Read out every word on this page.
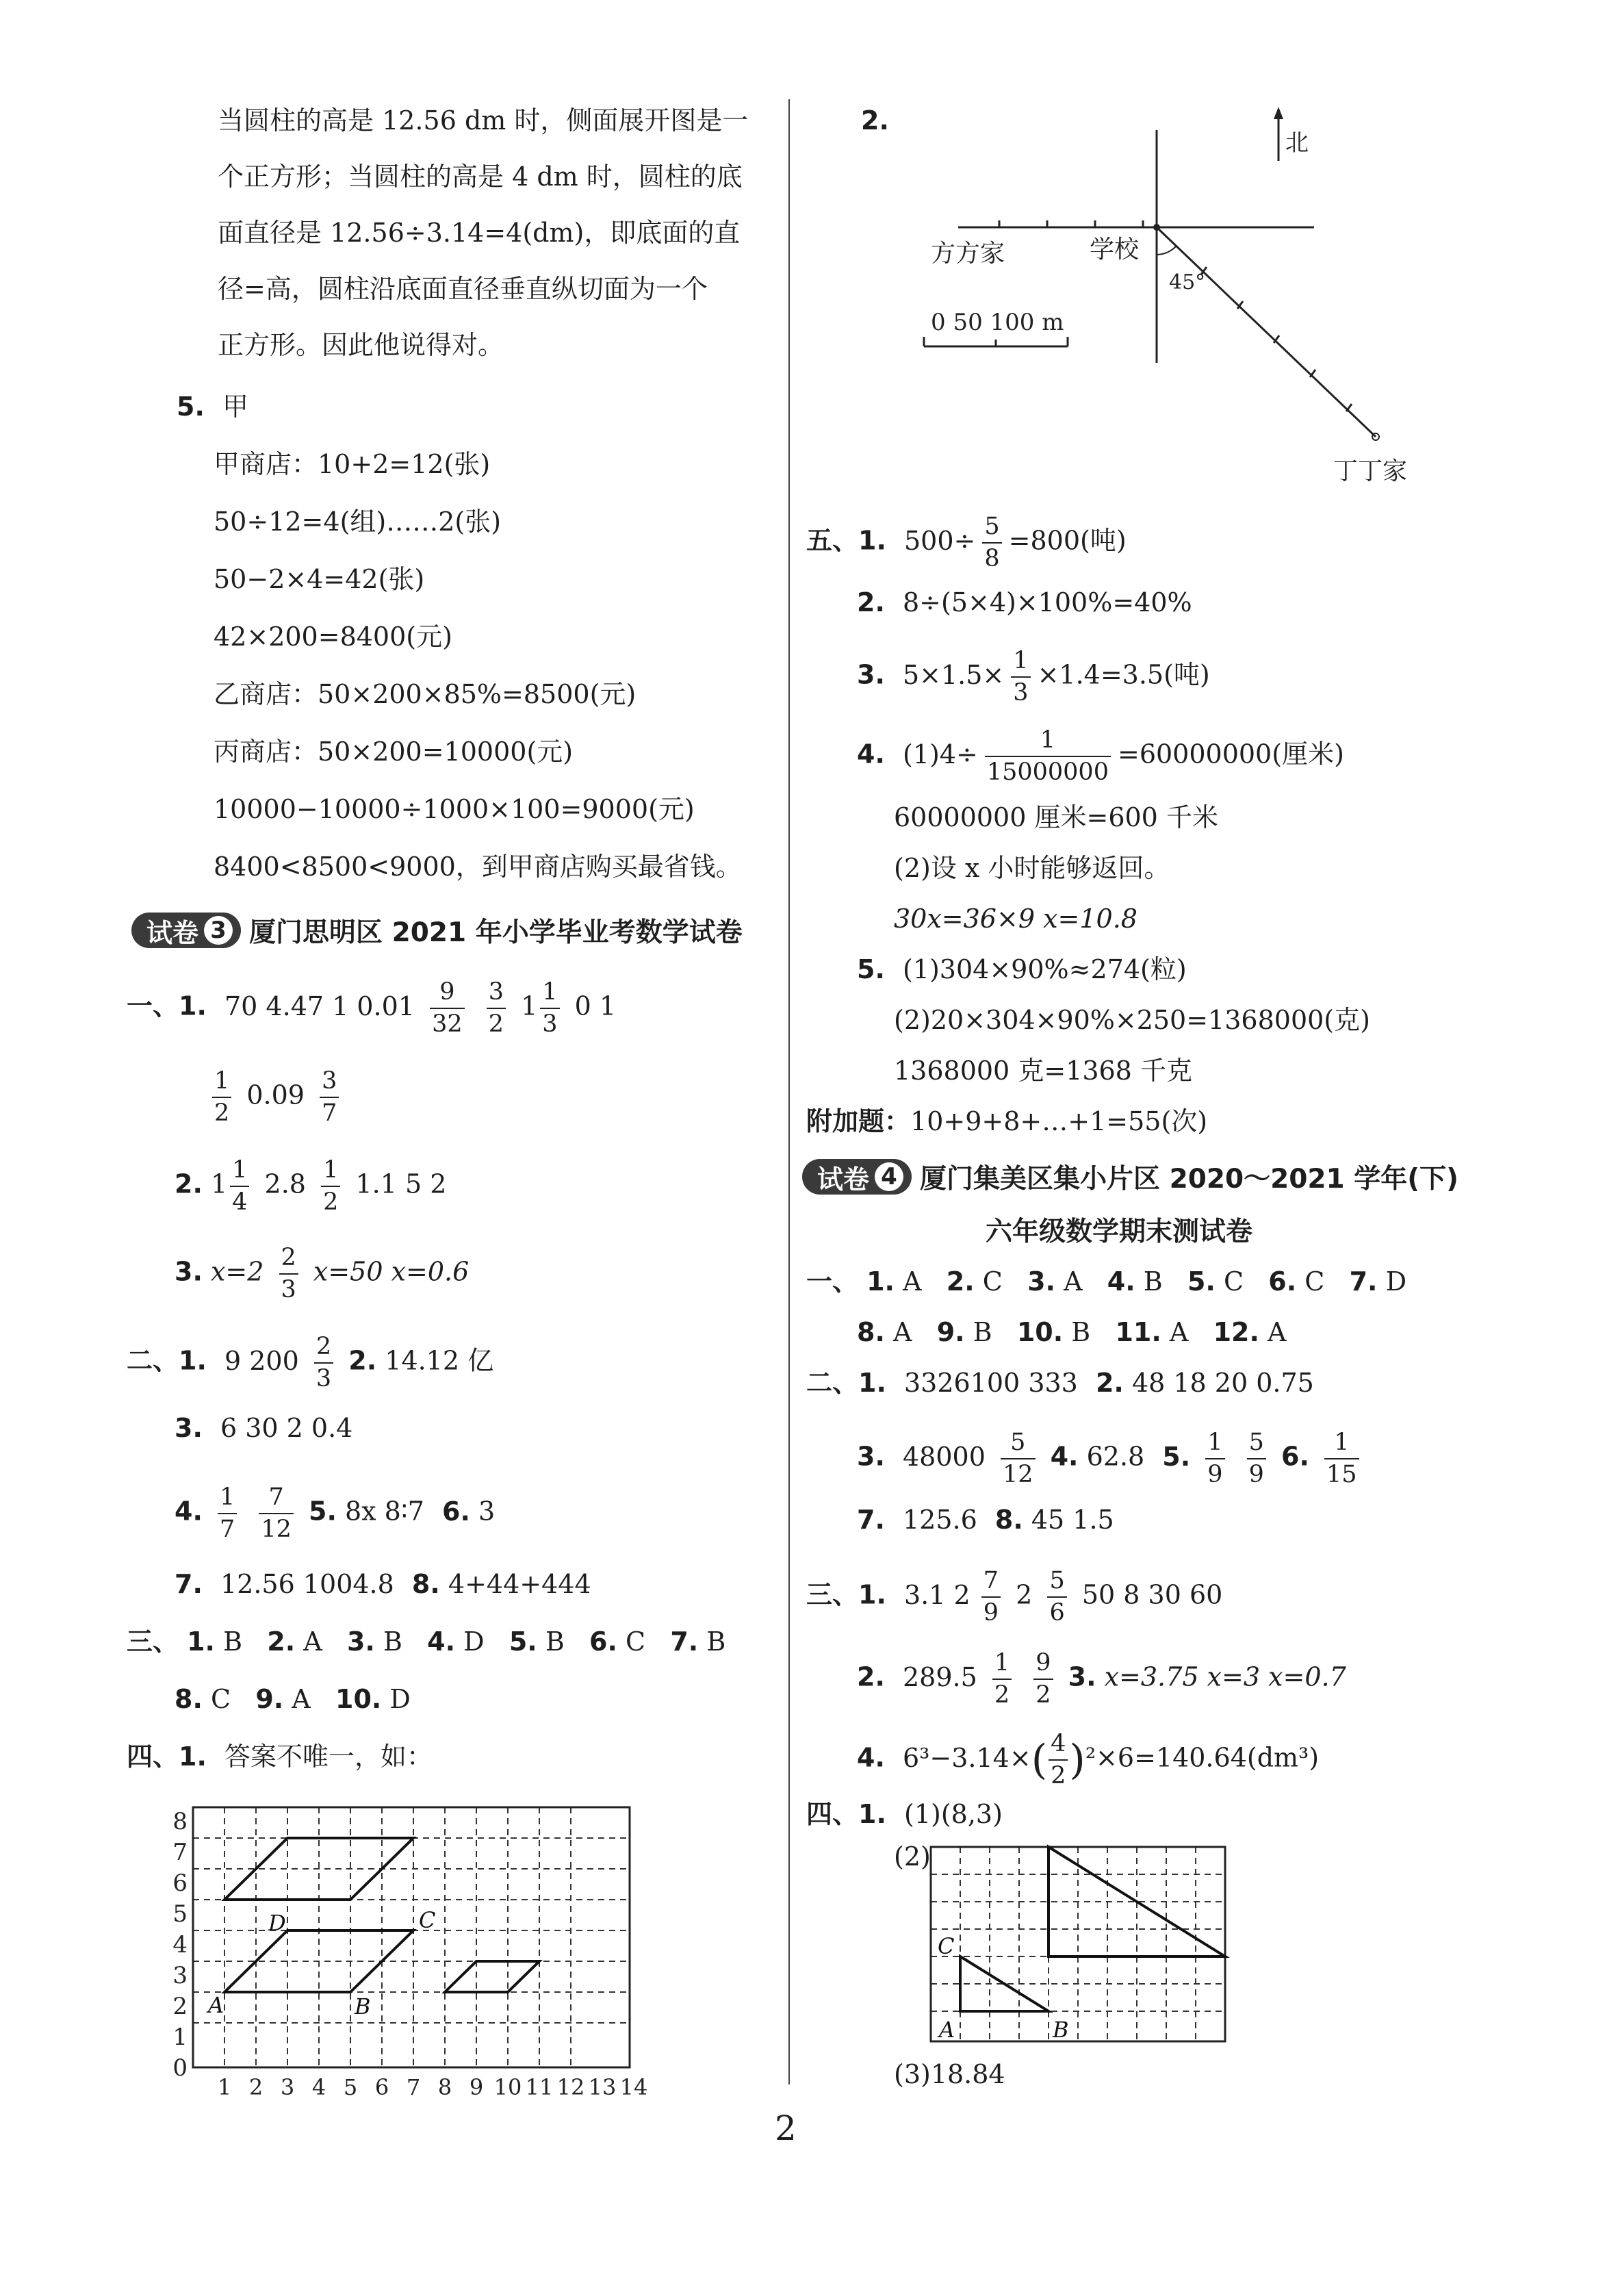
当圆柱的高是 12.56 dm 时，侧面展开图是一
个正方形；当圆柱的高是 4 dm 时，圆柱的底
面直径是 12.56÷3.14=4(dm)，即底面的直
径=高，圆柱沿底面直径垂直纵切面为一个
正方形。因此他说得对。
5. 甲
甲商店：10+2=12(张)
50÷12=4(组)……2(张)
50−2×4=42(张)
42×200=8400(元)
乙商店：50×200×85%=8500(元)
丙商店：50×200=10000(元)
10000−10000÷1000×100=9000(元)
8400<8500<9000，到甲商店购买最省钱。
试卷 3 厦门思明区 2021 年小学毕业考数学试卷
一、1. 70 4.47 1 $0.01 \frac{9}{32}$
$\frac{3}{2} 1 \frac{1}{3} 0$ 1
$\frac{1}{2} 0.09 \frac{3}{7}$
2. $1 \frac{1}{4} 2.8 \frac{1}{2} 1.1$ 5 2
3. $x=2 \frac{2}{3} x=50$ x=0.6
二、1. 9 $200 \frac{2}{3} 2$. 14.12 亿
3. 6 30 2 0.4
4. $\frac{1}{7}$
$\frac{7}{12} 5$. 8x 8∶7 6. 3
7. 12.56 1004.8 8. 4+44+444
三、 1. B 2. A 3. B 4. D 5. B 6. C 7. B
8. C 9. A 10. D
四、1. 答案不唯一，如：
0
1
2
3
4
5
6
7
8
1 2 3 4 5 6 7 8 9 10 11 12 13 14
A	B
C
D
2.
北
方方家	学校
45°
丁丁家
0 50 100 m
五、1. $500\div \frac{5}{8} =800$(吨)
2. 8÷(5×4)×100%=40%
3. $5\times 1.5\times \frac{1}{3} \times 1.4=3.5$(吨)
4. $(1)4\div \frac{1}{15000000} =60000000$(厘米)
60000000 厘米=600 千米
(2)设 x 小时能够返回。
30x=36×9 x=10.8
5. (1)304×90%≈274(粒)
(2)20×304×90%×250=1368000(克)
1368000 克=1368 千克
附加题：10+9+8+…+1=55(次)
试卷 4 厦门集美区集小片区 2020～2021 学年(下)
六年级数学期末测试卷
一、 1. A 2. C 3. A 4. B 5. C 6. C 7. D
8. A 9. B 10. B 11. A 12. A
二、1. 3326100 333 2. 48 18 20 0.75
3. $48000 \frac{5}{12} 4$. 62.8 5. $\frac{1}{9}$
$\frac{5}{9} 6$. $\frac{1}{15}$
7. 125.6 8. 45 1.5
三、1. 3.1 $2 \frac{7}{9} 2 \frac{5}{6} 50$ 8 30 60
2. $289.5 \frac{1}{2}$
$\frac{9}{2} 3$. x=3.75 x=3 x=0.7
4. $6^3-3.14\times( \frac{4}{2} )^2\times 6=140.64(dm^3)$
四、1. (1)(8,3)
(2)
C
A	B
(3)18.84
2
